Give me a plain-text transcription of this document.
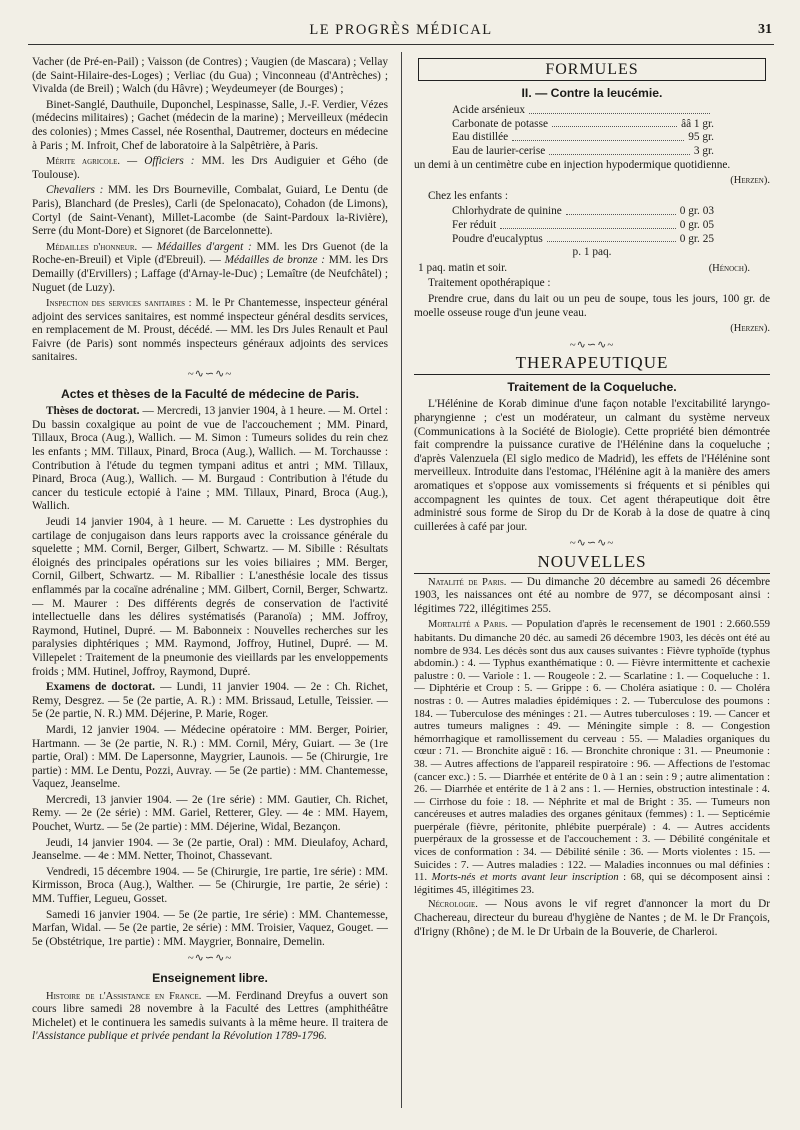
LE PROGRÈS MÉDICAL	31

Vacher (de Pré-en-Pail) ; Vaisson (de Contres) ; Vaugien (de Mascara) ; Vellay (de Saint-Hilaire-des-Loges) ; Verliac (du Gua) ; Vinconneau (d'Antrèches) ; Vivalda (de Breil) ; Walch (du Hâvre) ; Weydeumeyer (de Bourges) ;

Binet-Sanglé, Dauthuile, Duponchel, Lespinasse, Salle, J.-F. Verdier, Vézes (médecins militaires) ; Gachet (médecin de la marine) ; Merveilleux (médecin des colonies) ; Mmes Cassel, née Rosenthal, Dautremer, docteurs en médecine à Paris ; M. Infroit, Chef de laboratoire à la Salpêtrière, à Paris.

Mérite agricole. — Officiers : MM. les Drs Audiguier et Gého (de Toulouse).

Chevaliers : MM. les Drs Bourneville, Combalat, Guiard, Le Dentu (de Paris), Blanchard (de Presles), Carli (de Spelonacato), Cohadon (de Limons), Cortyl (de Saint-Venant), Millet-Lacombe (de Saint-Pardoux la-Rivière), Serre (du Mont-Dore) et Signoret (de Barcelonnette).

Médailles d'honneur. — Médailles d'argent : MM. les Drs Guenot (de la Roche-en-Breuil) et Viple (d'Ebreuil). — Médailles de bronze : MM. les Drs Demailly (d'Ervillers) ; Laffage (d'Arnay-le-Duc) ; Lemaître (de Neufchâtel) ; Nuguet (de Luzy).

Inspection des services sanitaires : M. le Pr Chantemesse, inspecteur général adjoint des services sanitaires, est nommé inspecteur général desdits services, en remplacement de M. Proust, décédé. — MM. les Drs Jules Renault et Paul Faivre (de Paris) sont nommés inspecteurs généraux adjoints des services sanitaires.

~∿∽∿~
Actes et thèses de la Faculté de médecine de Paris.

Thèses de doctorat. — Mercredi, 13 janvier 1904, à 1 heure. — M. Ortel : Du bassin coxalgique au point de vue de l'accouchement ; MM. Pinard, Tillaux, Broca (Aug.), Wallich. — M. Simon : Tumeurs solides du rein chez les enfants ; MM. Tillaux, Pinard, Broca (Aug.), Wallich. — M. Torchausse : Contribution à l'étude du tegmen tympani aditus et antri ; MM. Tillaux, Pinard, Broca (Aug.), Wallich. — M. Burgaud : Contribution à l'étude du cancer du testicule ectopié à l'aine ; MM. Tillaux, Pinard, Broca (Aug.), Wallich.

Jeudi 14 janvier 1904, à 1 heure. — M. Caruette : Les dystrophies du cartilage de conjugaison dans leurs rapports avec la croissance générale du squelette ; MM. Cornil, Berger, Gilbert, Schwartz. — M. Sibille : Résultats éloignés des principales opérations sur les voies biliaires ; MM. Berger, Cornil, Gilbert, Schwartz. — M. Riballier : L'anesthésie locale des tissus enflammés par la cocaïne adrénaline ; MM. Gilbert, Cornil, Berger, Schwartz. — M. Maurer : Des différents degrés de conservation de l'activité intellectuelle dans les délires systématisés (Paranoïa) ; MM. Joffroy, Raymond, Hutinel, Dupré. — M. Babonneix : Nouvelles recherches sur les paralysies diphtériques ; MM. Raymond, Joffroy, Hutinel, Dupré. — M. Villepelet : Traitement de la pneumonie des vieillards par les enveloppements froids ; MM. Hutinel, Joffroy, Raymond, Dupré.

Examens de doctorat. — Lundi, 11 janvier 1904. — 2e : Ch. Richet, Remy, Desgrez. — 5e (2e partie, A. R.) : MM. Brissaud, Letulle, Teissier. — 5e (2e partie, N. R.) MM. Déjerine, P. Marie, Roger.

Mardi, 12 janvier 1904. — Médecine opératoire : MM. Berger, Poirier, Hartmann. — 3e (2e partie, N. R.) : MM. Cornil, Méry, Guiart. — 3e (1re partie, Oral) : MM. De Lapersonne, Maygrier, Launois. — 5e (Chirurgie, 1re partie) : MM. Le Dentu, Pozzi, Auvray. — 5e (2e partie) : MM. Chantemesse, Vaquez, Jeanselme.

Mercredi, 13 janvier 1904. — 2e (1re série) : MM. Gautier, Ch. Richet, Remy. — 2e (2e série) : MM. Gariel, Retterer, Gley. — 4e : MM. Hayem, Pouchet, Wurtz. — 5e (2e partie) : MM. Déjerine, Widal, Bezançon.

Jeudi, 14 janvier 1904. — 3e (2e partie, Oral) : MM. Dieulafoy, Achard, Jeanselme. — 4e : MM. Netter, Thoinot, Chassevant.

Vendredi, 15 décembre 1904. — 5e (Chirurgie, 1re partie, 1re série) : MM. Kirmisson, Broca (Aug.), Walther. — 5e (Chirurgie, 1re partie, 2e série) : MM. Tuffier, Legueu, Gosset.

Samedi 16 janvier 1904. — 5e (2e partie, 1re série) : MM. Chantemesse, Marfan, Widal. — 5e (2e partie, 2e série) : MM. Troisier, Vaquez, Gouget. — 5e (Obstétrique, 1re partie) : MM. Maygrier, Bonnaire, Demelin.

~∿∽∿~
Enseignement libre.

Histoire de l'Assistance en France. —M. Ferdinand Dreyfus a ouvert son cours libre samedi 28 novembre à la Faculté des Lettres (amphithéâtre Michelet) et le continuera les samedis suivants à la même heure. Il traitera de l'Assistance publique et privée pendant la Révolution 1789-1796.

FORMULES
II. — Contre la leucémie.
Acide arsénieux
Carbonate de potasse	ââ 1 gr.
Eau distillée	95 gr.
Eau de laurier-cerise	3 gr.

un demi à un centimètre cube en injection hypodermique quotidienne.

(Herzen).

Chez les enfants :

Chlorhydrate de quinine	0 gr. 03
Fer réduit	0 gr. 05
Poudre d'eucalyptus	0 gr. 25

p. 1 paq.

1 paq. matin et soir.	(Hénoch).

Traitement opothérapique :

Prendre crue, dans du lait ou un peu de soupe, tous les jours, 100 gr. de moelle osseuse rouge d'un jeune veau.

(Herzen).

~∿∽∿~
THERAPEUTIQUE
Traitement de la Coqueluche.

L'Hélénine de Korab diminue d'une façon notable l'excitabilité laryngo-pharyngienne ; c'est un modérateur, un calmant du système nerveux (Communications à la Société de Biologie). Cette propriété bien démontrée fait comprendre la puissance curative de l'Hélénine dans la coqueluche ; d'après Valenzuela (El siglo medico de Madrid), les effets de l'Hélénine sont merveilleux. Introduite dans l'estomac, l'Hélénine agit à la manière des amers aromatiques et s'oppose aux vomissements si fréquents et si pénibles qui accompagnent les quintes de toux. Cet agent thérapeutique doit être administré sous forme de Sirop du Dr de Korab à la dose de quatre à cinq cuillerées à café par jour.

~∿∽∿~
NOUVELLES

Natalité de Paris. — Du dimanche 20 décembre au samedi 26 décembre 1903, les naissances ont été au nombre de 977, se décomposant ainsi : légitimes 722, illégitimes 255.

Mortalité a Paris. — Population d'après le recensement de 1901 : 2.660.559 habitants. Du dimanche 20 déc. au samedi 26 décembre 1903, les décès ont été au nombre de 934. Les décès sont dus aux causes suivantes : Fièvre typhoïde (typhus abdomin.) : 4. — Typhus exanthématique : 0. — Fièvre intermittente et cachexie palustre : 0. — Variole : 1. — Rougeole : 2. — Scarlatine : 1. — Coqueluche : 1. — Diphtérie et Croup : 5. — Grippe : 6. — Choléra asiatique : 0. — Choléra nostras : 0. — Autres maladies épidémiques : 2. — Tuberculose des poumons : 184. — Tuberculose des méninges : 21. — Autres tuberculoses : 19. — Cancer et autres tumeurs malignes : 49. — Méningite simple : 8. — Congestion hémorrhagique et ramollissement du cerveau : 55. — Maladies organiques du cœur : 71. — Bronchite aiguë : 16. — Bronchite chronique : 31. — Pneumonie : 38. — Autres affections de l'appareil respiratoire : 96. — Affections de l'estomac (cancer exc.) : 5. — Diarrhée et entérite de 0 à 1 an : sein : 9 ; autre alimentation : 26. — Diarrhée et entérite de 1 à 2 ans : 1. — Hernies, obstruction intestinale : 4. — Cirrhose du foie : 18. — Néphrite et mal de Bright : 35. — Tumeurs non cancéreuses et autres maladies des organes génitaux (femmes) : 1. — Septicémie puerpérale (fièvre, péritonite, phlébite puerpérale) : 4. — Autres accidents puerpéraux de la grossesse et de l'accouchement : 3. — Débilité congénitale et vices de conformation : 34. — Débilité sénile : 36. — Morts violentes : 15. — Suicides : 7. — Autres maladies : 122. — Maladies inconnues ou mal définies : 11. Morts-nés et morts avant leur inscription : 68, qui se décomposent ainsi : légitimes 45, illégitimes 23.

Nécrologie. — Nous avons le vif regret d'annoncer la mort du Dr Chachereau, directeur du bureau d'hygiène de Nantes ; de M. le Dr François, d'Irigny (Rhône) ; de M. le Dr Urbain de la Bouverie, de Charleroi.
